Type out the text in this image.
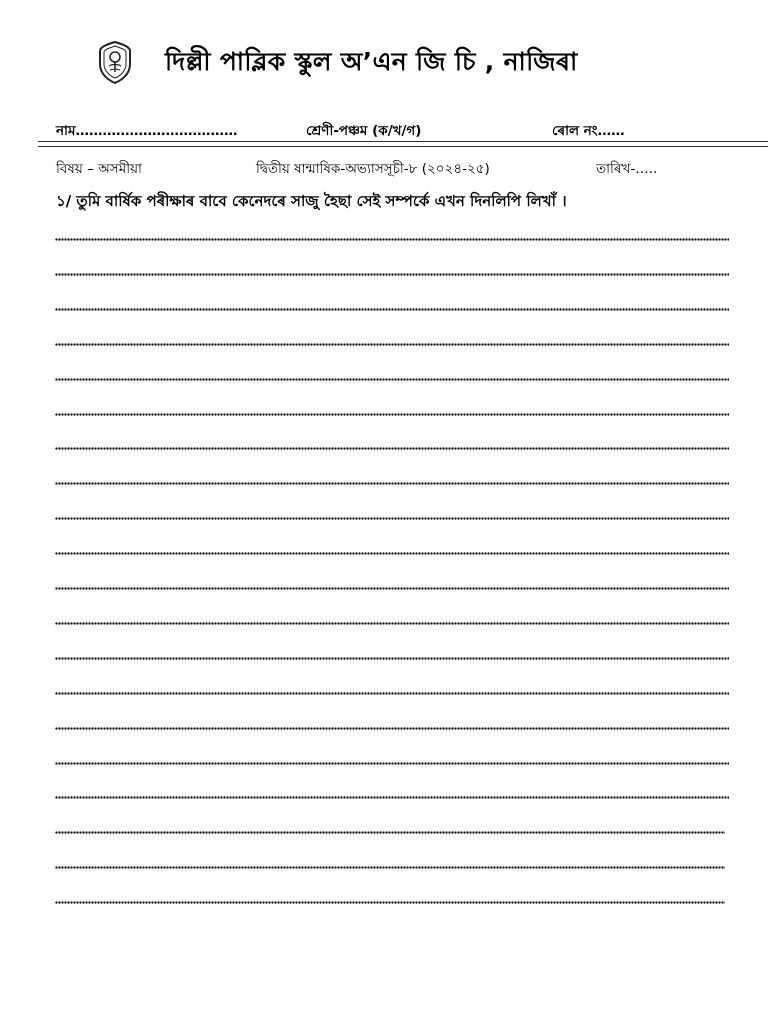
দিল্লী পাব্লিক স্কুল অ’এন জি চি , নাজিৰা
নাম………………………………	শ্রেণী-পঞ্চম (ক/খ/গ)	ৰোল নং……
বিষয় – অসমীয়া	দ্বিতীয় ষান্মাষিক-অভ্যাসসূচী-৮ (২০২৪-২৫)	তাৰিখ-…..
১/ তুমি বাৰ্ষিক পৰীক্ষাৰ বাবে কেনেদৰে সাজু হৈছা সেই সম্পৰ্কে এখন দিনলিপি লিখাঁ ।
